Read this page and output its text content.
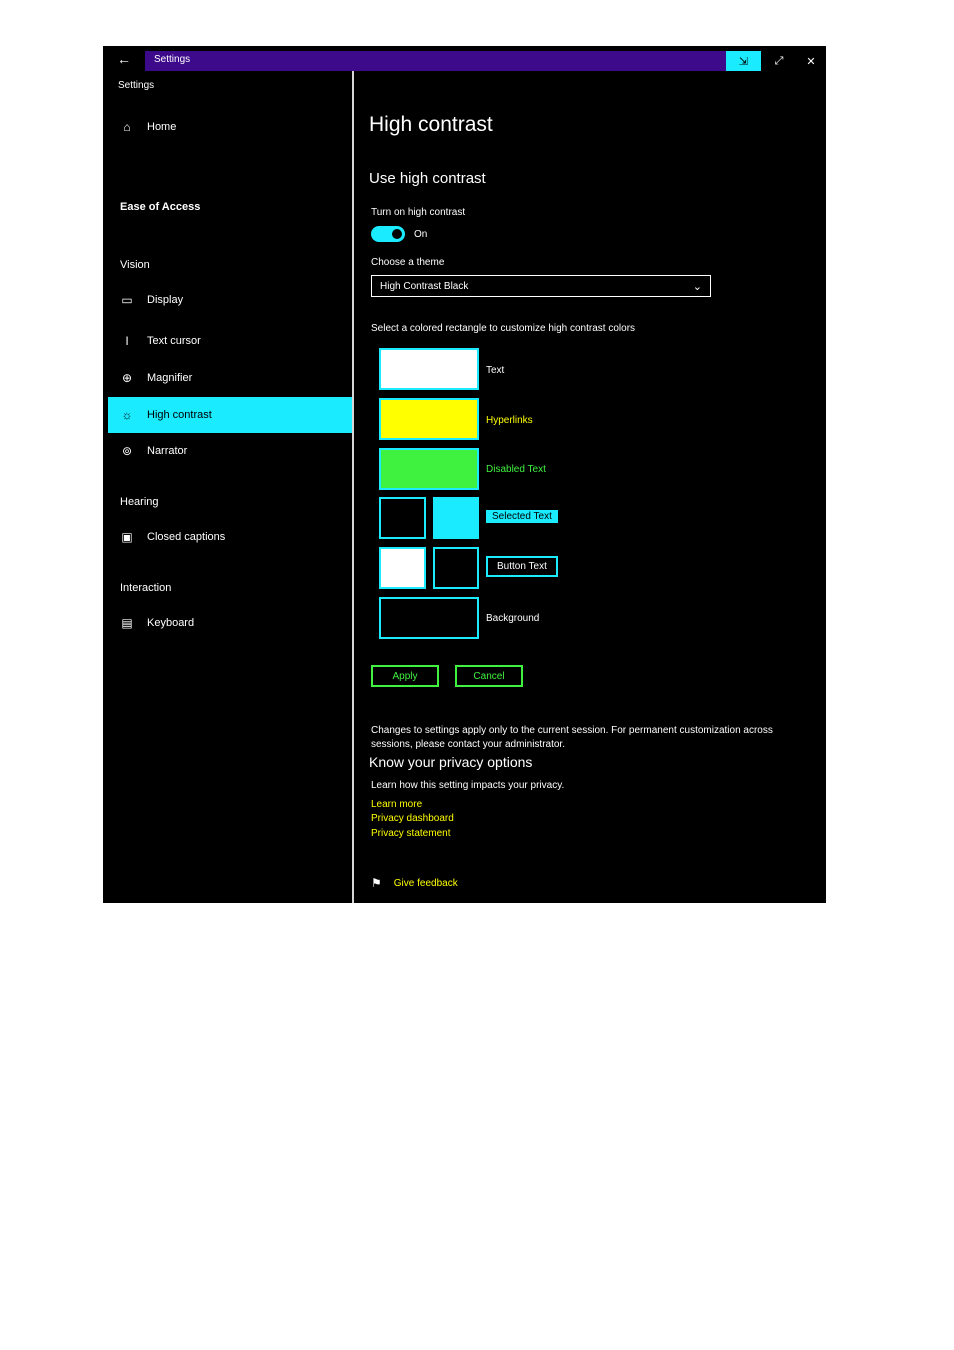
← Settings	⇲ ⤢ ✕
Settings
⌂	Home
Ease of Access
Vision
▭ Display
I	Text cursor
⊕ Magnifier
☼ High contrast
⊚ Narrator
Hearing
▣ Closed captions
Interaction
▤ Keyboard
High contrast
Use high contrast
Turn on high contrast
On
Choose a theme
High Contrast Black	⌄
Select a colored rectangle to customize high contrast colors
Text
Hyperlinks
Disabled Text
Selected Text
Button Text
Background
Apply	Cancel
Changes to settings apply only to the current session. For permanent customization across sessions, please contact your administrator.
Know your privacy options
Learn how this setting impacts your privacy.
Learn more
Privacy dashboard
Privacy statement
⚑ Give feedback
